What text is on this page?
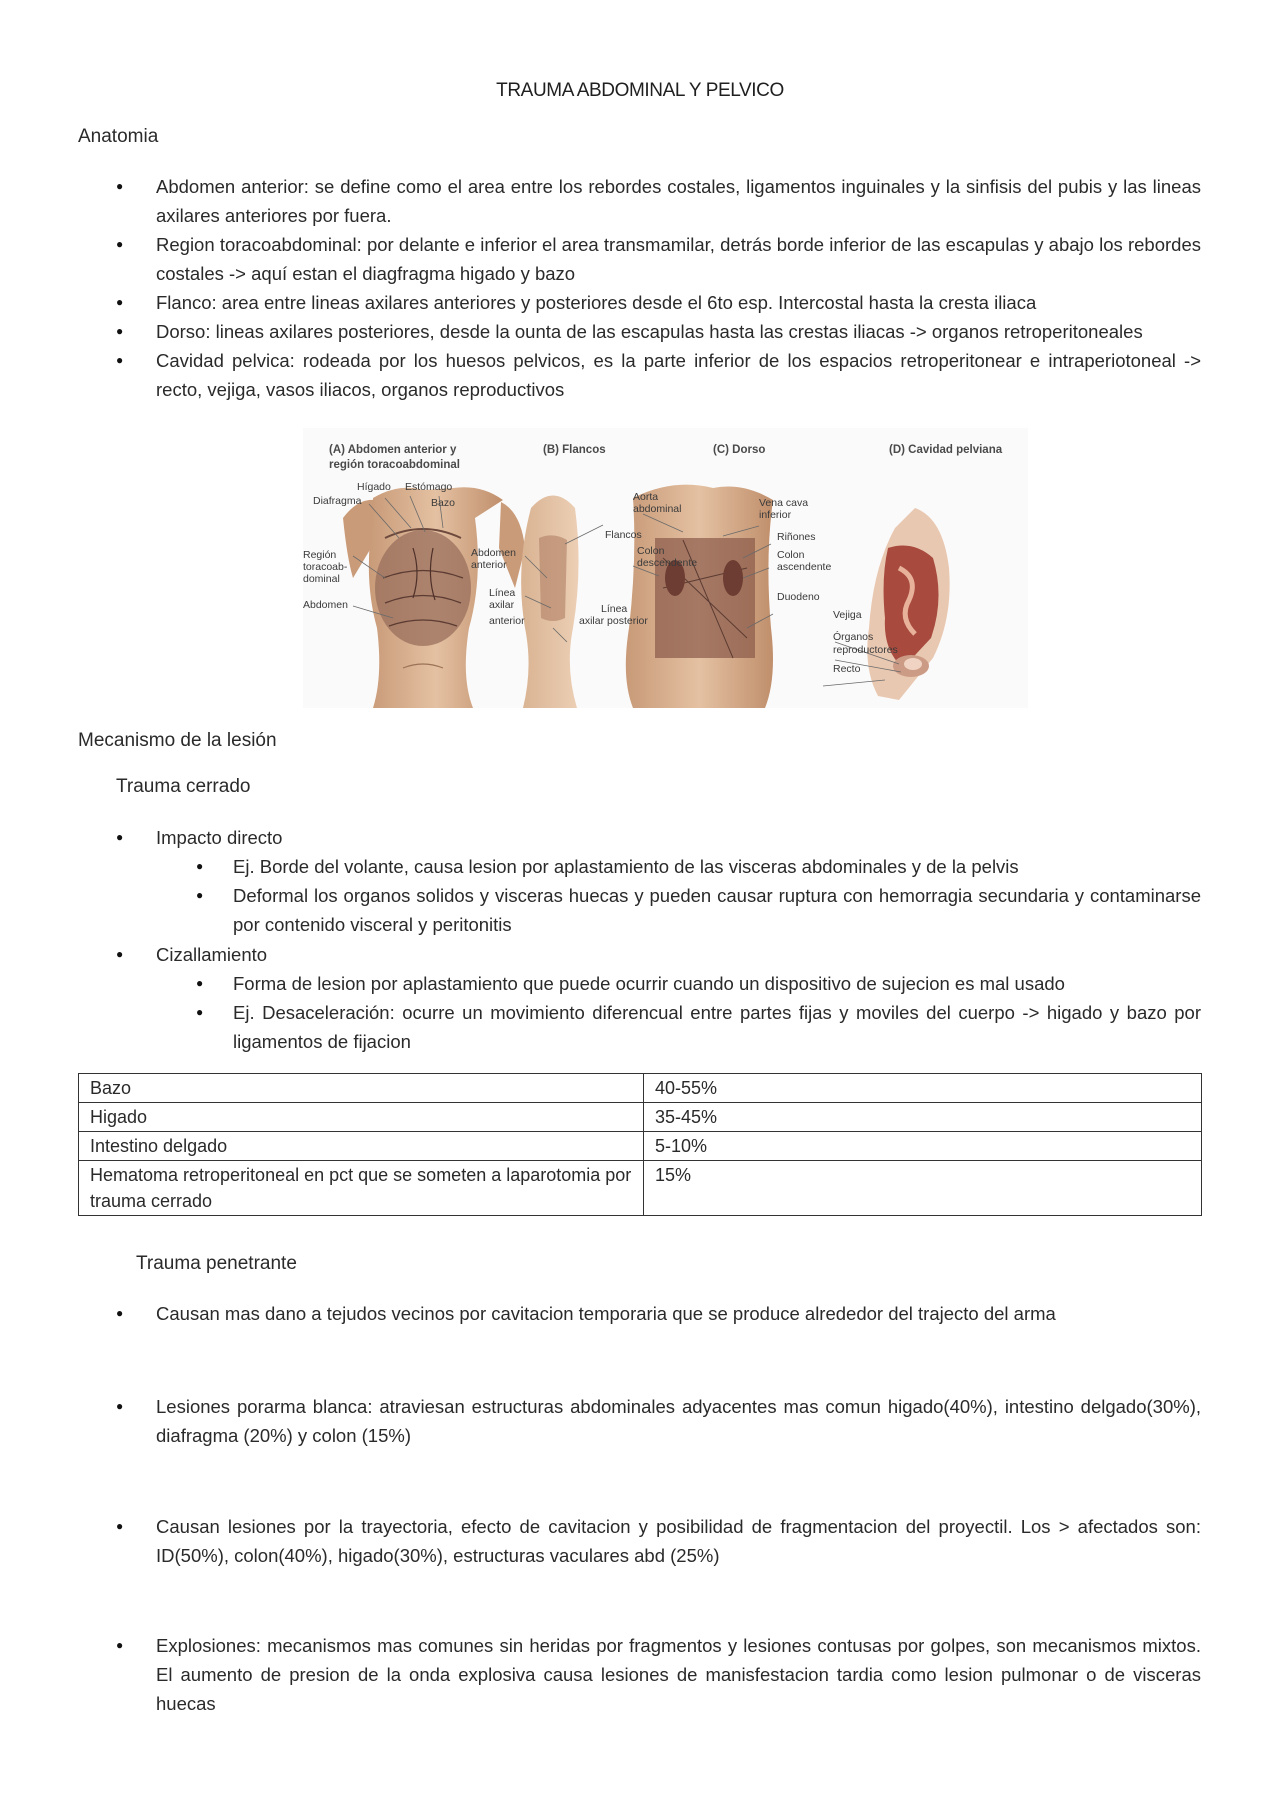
TRAUMA ABDOMINAL Y PELVICO

Anatomia

● Abdomen anterior: se define como el area entre los rebordes costales, ligamentos inguinales y la sinfisis del pubis y las lineas axilares anteriores por fuera.
● Region toracoabdominal: por delante e inferior el area transmamilar, detrás borde inferior de las escapulas y abajo los rebordes costales -> aquí estan el diagfragma higado y bazo
● Flanco: area entre lineas axilares anteriores y posteriores desde el 6to esp. Intercostal hasta la cresta iliaca
● Dorso: lineas axilares posteriores, desde la ounta de las escapulas hasta las crestas iliacas -> organos retroperitoneales
● Cavidad pelvica: rodeada por los huesos pelvicos, es la parte inferior de los espacios retroperitonear e intraperiotoneal -> recto, vejiga, vasos iliacos, organos reproductivos
(A) Abdomen anterior y
región toracoabdominal
(B) Flancos	(C) Dorso	(D) Cavidad pelviana
Hígado Estómago
Diafragma	Bazo
Región
toracoab-
dominal
Abdomen
Abdomen
anterior
Línea
axilar
anterior
Flancos
Línea
axilar posterior
Aorta
abdominal
Colon
descendente
Vena cava
inferior
Riñones
Colon
ascendente
Duodeno
Vejiga
Órganos
reproductores
Recto

Mecanismo de la lesión

Trauma cerrado

● Impacto directo
● Ej. Borde del volante, causa lesion por aplastamiento de las visceras abdominales y de la pelvis
● Deformal los organos solidos y visceras huecas y pueden causar ruptura con hemorragia secundaria y contaminarse por contenido visceral y peritonitis
● Cizallamiento
● Forma de lesion por aplastamiento que puede ocurrir cuando un dispositivo de sujecion es mal usado
● Ej. Desaceleración: ocurre un movimiento diferencual entre partes fijas y moviles del cuerpo -> higado y bazo por ligamentos de fijacion
Bazo	40-55%
Higado	35-45%
Intestino delgado	5-10%
Hematoma retroperitoneal en pct que se someten a laparotomia por trauma cerrado	15%

Trauma penetrante

● Causan mas dano a tejudos vecinos por cavitacion temporaria que se produce alrededor del trajecto del arma
● Lesiones porarma blanca: atraviesan estructuras abdominales adyacentes mas comun higado(40%), intestino delgado(30%), diafragma (20%) y colon (15%)
● Causan lesiones por la trayectoria, efecto de cavitacion y posibilidad de fragmentacion del proyectil. Los > afectados son: ID(50%), colon(40%), higado(30%), estructuras vaculares abd (25%)
● Explosiones: mecanismos mas comunes sin heridas por fragmentos y lesiones contusas por golpes, son mecanismos mixtos. El aumento de presion de la onda explosiva causa lesiones de manisfestacion tardia como lesion pulmonar o de visceras huecas
